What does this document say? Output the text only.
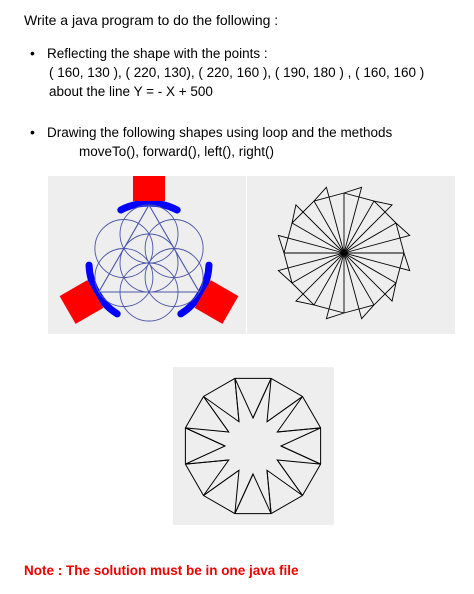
Write a java program to do the following :
• Reflecting the shape with the points :
( 160, 130 ), ( 220, 130), ( 220, 160 ), ( 190, 180 ) , ( 160, 160 )
about the line Y = - X + 500
• Drawing the following shapes using loop and the methods
moveTo(), forward(), left(), right()
Note : The solution must be in one java file
